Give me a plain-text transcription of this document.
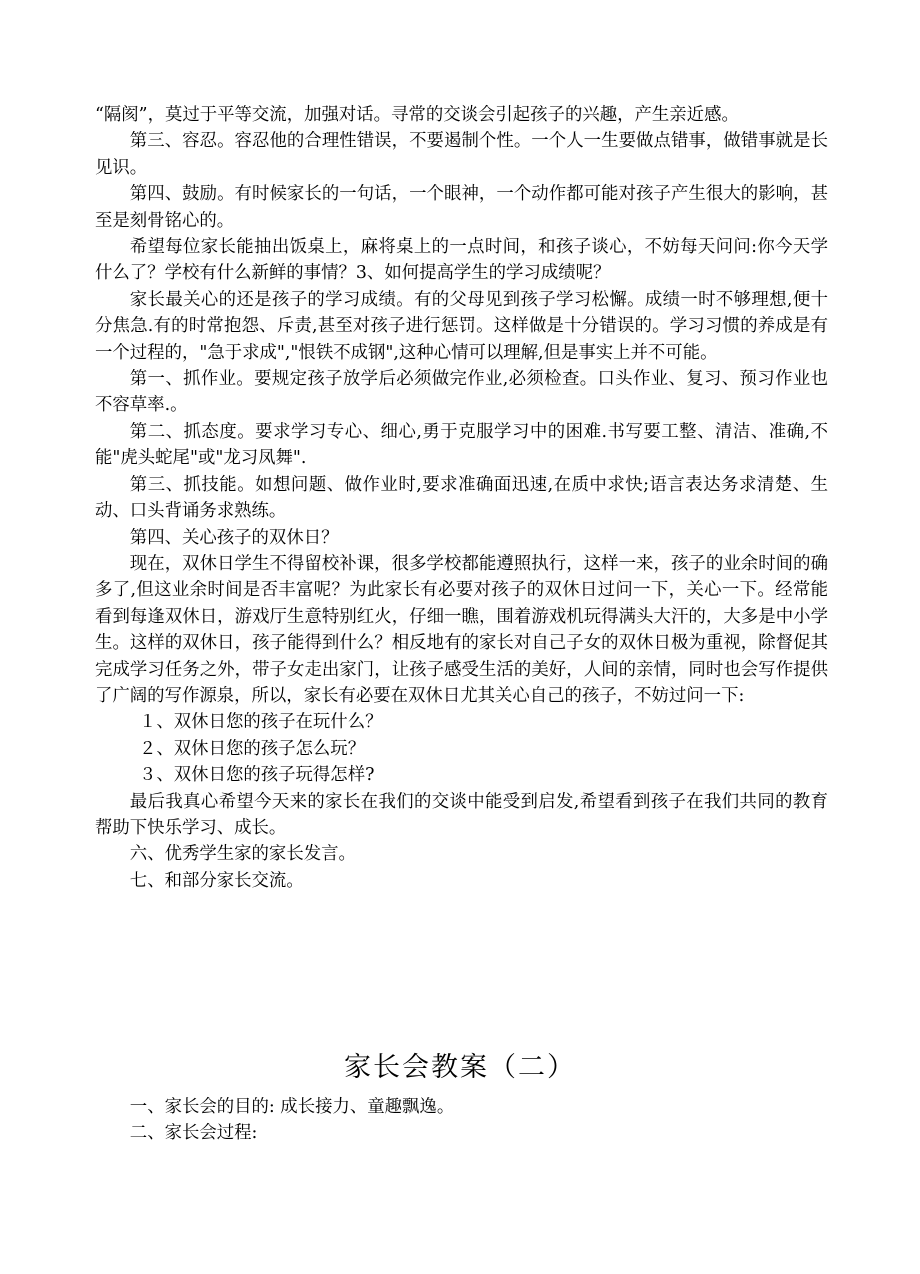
“隔阂”，莫过于平等交流，加强对话。寻常的交谈会引起孩子的兴趣，产生亲近感。

第三、容忍。容忍他的合理性错误，不要遏制个性。一个人一生要做点错事，做错事就是长见识。

第四、鼓励。有时候家长的一句话，一个眼神，一个动作都可能对孩子产生很大的影响，甚至是刻骨铭心的。

希望每位家长能抽出饭桌上，麻将桌上的一点时间，和孩子谈心，不妨每天问问:你今天学什么了？学校有什么新鲜的事情？3、如何提高学生的学习成绩呢？

家长最关心的还是孩子的学习成绩。有的父母见到孩子学习松懈。成绩一时不够理想,便十分焦急.有的时常抱怨、斥责,甚至对孩子进行惩罚。这样做是十分错误的。学习习惯的养成是有一个过程的，"急于求成","恨铁不成钢",这种心情可以理解,但是事实上并不可能。

第一、抓作业。要规定孩子放学后必须做完作业,必须检查。口头作业、复习、预习作业也不容草率.。

第二、抓态度。要求学习专心、细心,勇于克服学习中的困难.书写要工整、清洁、准确,不能"虎头蛇尾"或"龙习凤舞".

第三、抓技能。如想问题、做作业时,要求准确面迅速,在质中求快;语言表达务求清楚、生动、口头背诵务求熟练。

第四、关心孩子的双休日？

现在，双休日学生不得留校补课，很多学校都能遵照执行，这样一来，孩子的业余时间的确多了,但这业余时间是否丰富呢？为此家长有必要对孩子的双休日过问一下，关心一下。经常能看到每逢双休日，游戏厅生意特别红火，仔细一瞧，围着游戏机玩得满头大汗的，大多是中小学生。这样的双休日，孩子能得到什么？相反地有的家长对自己子女的双休日极为重视，除督促其完成学习任务之外，带子女走出家门，让孩子感受生活的美好，人间的亲情，同时也会写作提供了广阔的写作源泉，所以，家长有必要在双休日尤其关心自己的孩子，不妨过问一下:

１、双休日您的孩子在玩什么？

２、双休日您的孩子怎么玩？

３、双休日您的孩子玩得怎样?

最后我真心希望今天来的家长在我们的交谈中能受到启发,希望看到孩子在我们共同的教育帮助下快乐学习、成长。

六、优秀学生家的家长发言。

七、和部分家长交流。

家长会教案（二）

一、家长会的目的: 成长接力、童趣飘逸。

二、家长会过程:
